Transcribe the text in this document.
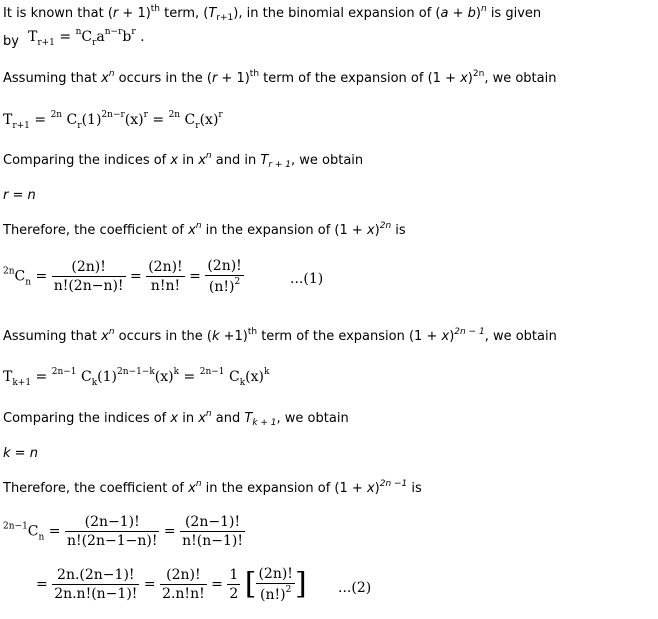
It is known that $(r + 1)^{th}$ term, $(T_{r+1})$, in the binomial expansion of $(a + b)^n$ is given
by $T_{r+1} = ^nC_ra^{n-r}b^r$ .
Assuming that $x^n$ occurs in the $(r + 1)^{th}$ term of the expansion of $(1 + x)^{2n}$, we obtain
$T_{r+1} = ^{2n}$ $C_r(1)^{2n-r}(x)^r = ^{2n}$ $C_r(x)^r$
Comparing the indices of x in $x^n$ and in $T_{r + 1}$, we obtain
r = n
Therefore, the coefficient of $x^n$ in the expansion of $(1 + x)^{2n}$ is
$^{2n}C_n = \frac{(2n)!}{n!(2n-n)!} = \frac{(2n)!}{n!n!} = \frac{(2n)!}{(n!)^2}$	...(1)
Assuming that $x^n$ occurs in the $(k +1)^{th}$ term of the expansion $(1 + x)^{2n - 1}$, we obtain
$T_{k+1} = ^{2n-1}$ $C_k(1)^{2n-1-k}(x)^k = ^{2n-1}$ $C_k(x)^k$
Comparing the indices of x in $x^n$ and $T_{k + 1}$, we obtain
k = n
Therefore, the coefficient of $x^n$ in the expansion of $(1 + x)^{2n -1}$ is
$^{2n-1}C_n = \frac{(2n-1)!}{n!(2n-1-n)!} = \frac{(2n-1)!}{n!(n-1)!}$
= $\frac{2n.(2n-1)!}{2n.n!(n-1)!} = \frac{(2n)!}{2.n!n!} = \frac{1}{2}$ [ $\frac{(2n)!}{(n!)^2}$ ] ...(2)
